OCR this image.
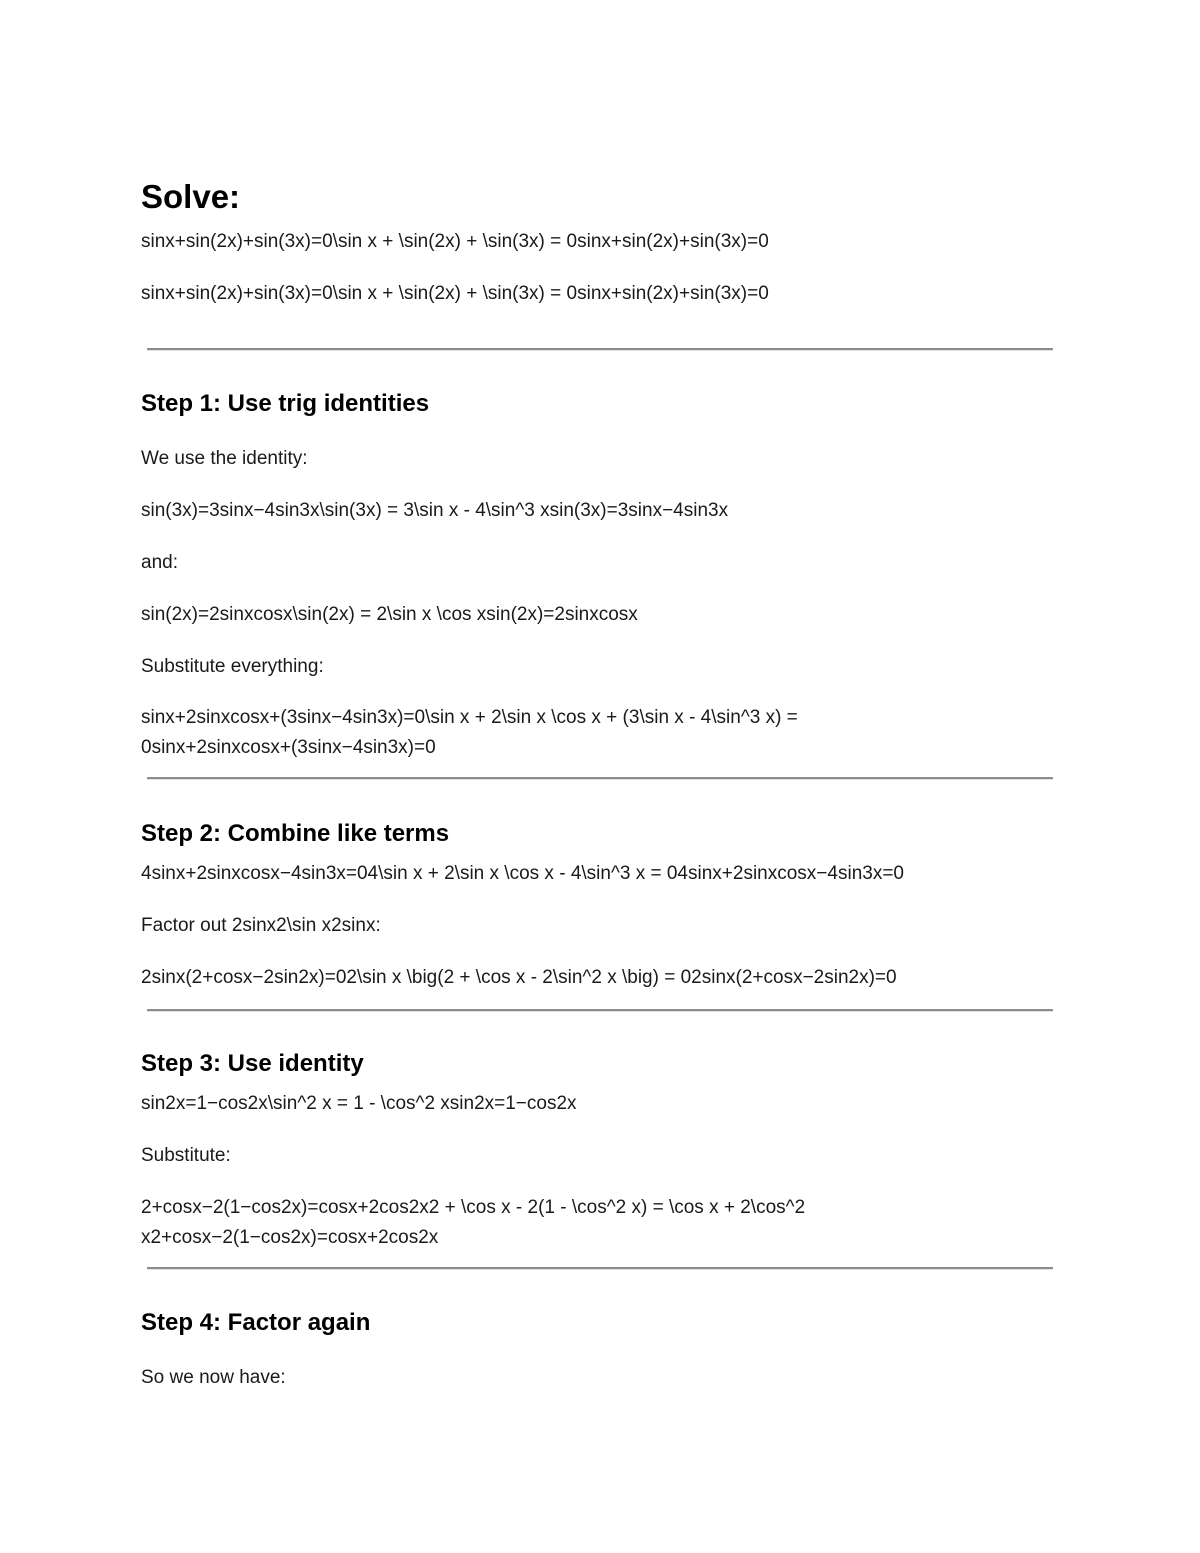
Solve:

sinx+sin(2x)+sin(3x)=0\sin x + \sin(2x) + \sin(3x) = 0sinx+sin(2x)+sin(3x)=0

sinx+sin(2x)+sin(3x)=0\sin x + \sin(2x) + \sin(3x) = 0sinx+sin(2x)+sin(3x)=0

Step 1: Use trig identities

We use the identity:

sin(3x)=3sinx−4sin3x\sin(3x) = 3\sin x - 4\sin^3 xsin(3x)=3sinx−4sin3x

and:

sin(2x)=2sinxcosx\sin(2x) = 2\sin x \cos xsin(2x)=2sinxcosx

Substitute everything:

sinx+2sinxcosx+(3sinx−4sin3x)=0\sin x + 2\sin x \cos x + (3\sin x - 4\sin^3 x) = 0sinx+2sinxcosx+(3sinx−4sin3x)=0

Step 2: Combine like terms

4sinx+2sinxcosx−4sin3x=04\sin x + 2\sin x \cos x - 4\sin^3 x = 04sinx+2sinxcosx−4sin3x=0

Factor out 2sinx2\sin x2sinx:

2sinx(2+cosx−2sin2x)=02\sin x \big(2 + \cos x - 2\sin^2 x \big) = 02sinx(2+cosx−2sin2x)=0

Step 3: Use identity

sin2x=1−cos2x\sin^2 x = 1 - \cos^2 xsin2x=1−cos2x

Substitute:

2+cosx−2(1−cos2x)=cosx+2cos2x2 + \cos x - 2(1 - \cos^2 x) = \cos x + 2\cos^2 x2+cosx−2(1−cos2x)=cosx+2cos2x

Step 4: Factor again

So we now have:
